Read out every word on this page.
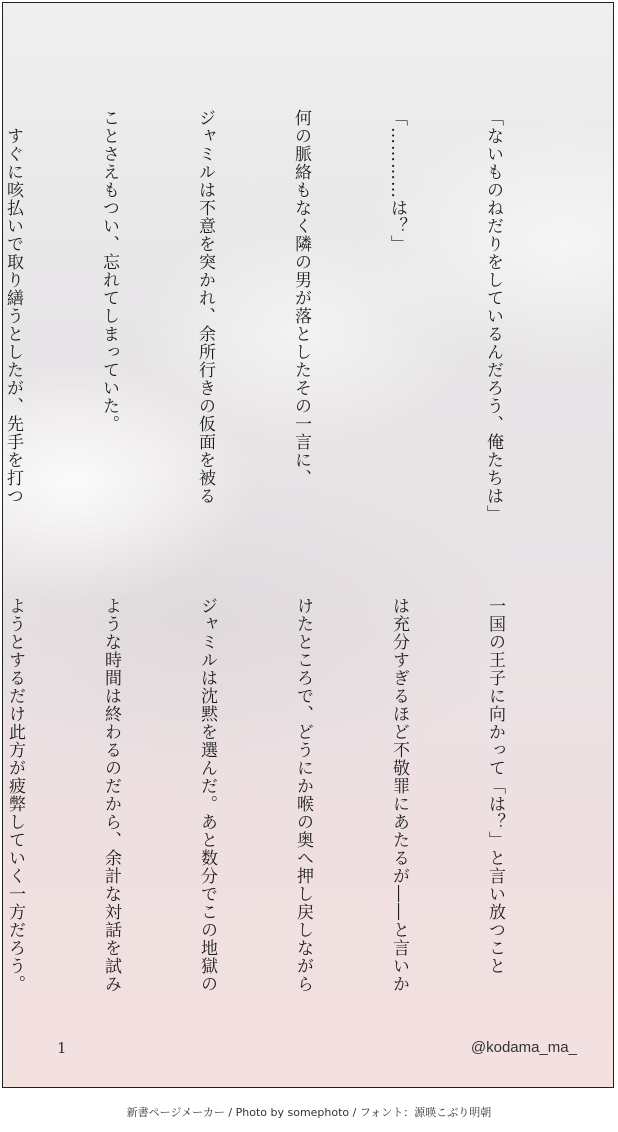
「ないものねだりをしているんだろう、俺たちは」

「…………は？」

何の脈絡もなく隣の男が落としたその一言に、

ジャミルは不意を突かれ、余所行きの仮面を被る

ことさえもつい、忘れてしまっていた。

　すぐに咳払いで取り繕うとしたが、先手を打つ

一国の王子に向かって「は？」と言い放つこと

は充分すぎるほど不敬罪にあたるが――と言いか

けたところで、どうにか喉の奥へ押し戻しながら

ジャミルは沈黙を選んだ。あと数分でこの地獄の

ような時間は終わるのだから、余計な対話を試み

ようとするだけ此方が疲弊していく一方だろう。

1	@kodama_ma_
新書ページメーカー / Photo by somephoto / フォント：源暎こぶり明朝
